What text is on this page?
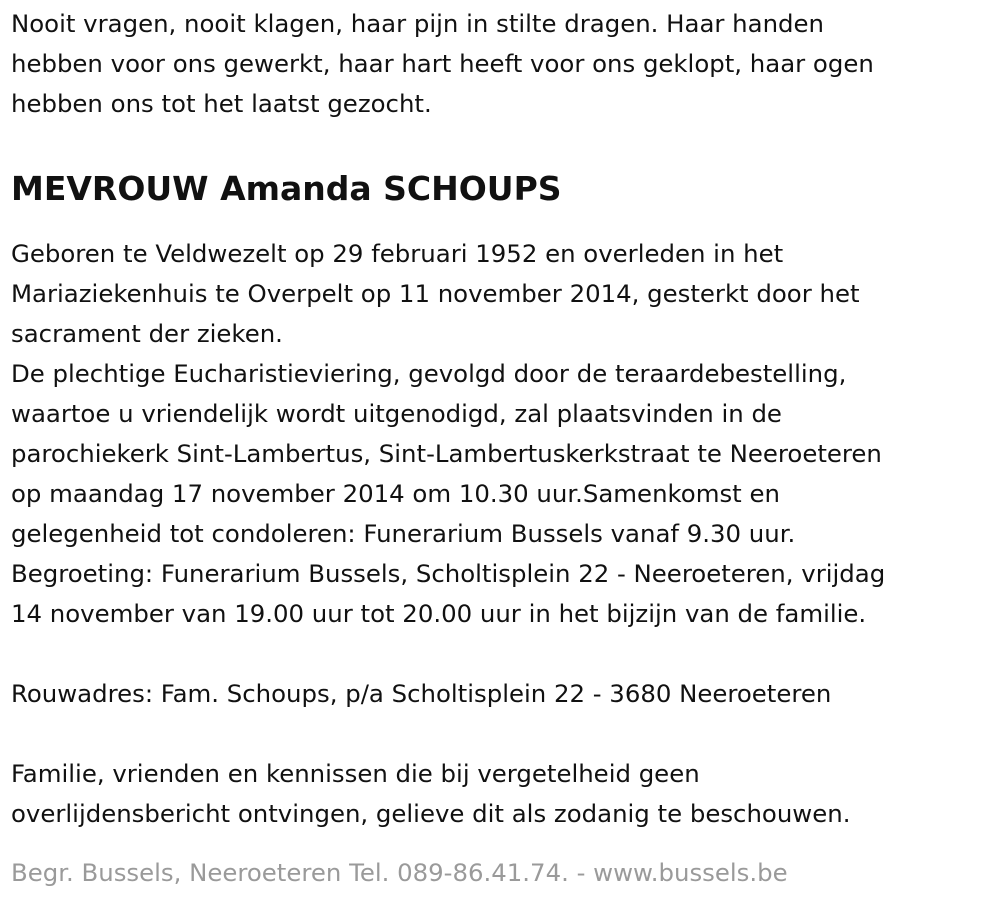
Nooit vragen, nooit klagen, haar pijn in stilte dragen. Haar handen

hebben voor ons gewerkt, haar hart heeft voor ons geklopt, haar ogen

hebben ons tot het laatst gezocht.

MEVROUW Amanda SCHOUPS

Geboren te Veldwezelt op 29 februari 1952 en overleden in het

Mariaziekenhuis te Overpelt op 11 november 2014, gesterkt door het

sacrament der zieken.

De plechtige Eucharistieviering, gevolgd door de teraardebestelling,

waartoe u vriendelijk wordt uitgenodigd, zal plaatsvinden in de

parochiekerk Sint-Lambertus, Sint-Lambertuskerkstraat te Neeroeteren

op maandag 17 november 2014 om 10.30 uur.Samenkomst en

gelegenheid tot condoleren: Funerarium Bussels vanaf 9.30 uur.

Begroeting: Funerarium Bussels, Scholtisplein 22 - Neeroeteren, vrijdag

14 november van 19.00 uur tot 20.00 uur in het bijzijn van de familie.

Rouwadres: Fam. Schoups, p/a Scholtisplein 22 - 3680 Neeroeteren

Familie, vrienden en kennissen die bij vergetelheid geen

overlijdensbericht ontvingen, gelieve dit als zodanig te beschouwen.

Begr. Bussels, Neeroeteren Tel. 089-86.41.74. - www.bussels.be
